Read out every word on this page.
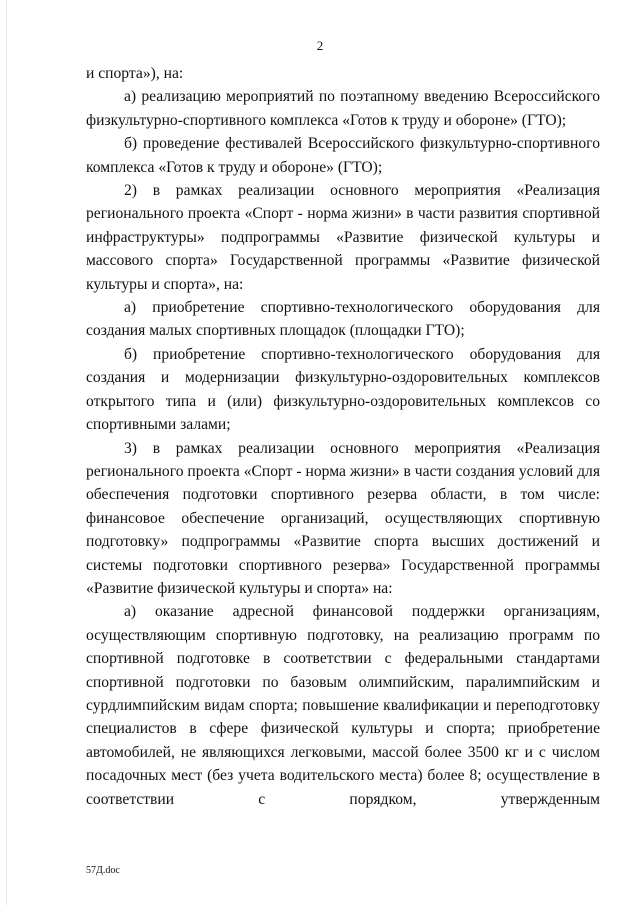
2

и спорта»), на:

а) реализацию мероприятий по поэтапному введению Всероссийского физкультурно-спортивного комплекса «Готов к труду и обороне» (ГТО);

б) проведение фестивалей Всероссийского физкультурно-спортивного комплекса «Готов к труду и обороне» (ГТО);

2) в рамках реализации основного мероприятия «Реализация регионального проекта «Спорт - норма жизни» в части развития спортивной инфраструктуры» подпрограммы «Развитие физической культуры и массового спорта» Государственной программы «Развитие физической культуры и спорта», на:

а) приобретение спортивно-технологического оборудования для создания малых спортивных площадок (площадки ГТО);

б) приобретение спортивно-технологического оборудования для создания и модернизации физкультурно-оздоровительных комплексов открытого типа и (или) физкультурно-оздоровительных комплексов со спортивными залами;

3) в рамках реализации основного мероприятия «Реализация регионального проекта «Спорт - норма жизни» в части создания условий для обеспечения подготовки спортивного резерва области, в том числе: финансовое обеспечение организаций, осуществляющих спортивную подготовку» подпрограммы «Развитие спорта высших достижений и системы подготовки спортивного резерва» Государственной программы «Развитие физической культуры и спорта» на:

а) оказание адресной финансовой поддержки организациям, осуществляющим спортивную подготовку, на реализацию программ по спортивной подготовке в соответствии с федеральными стандартами спортивной подготовки по базовым олимпийским, паралимпийским и сурдлимпийским видам спорта; повышение квалификации и переподготовку специалистов в сфере физической культуры и спорта; приобретение автомобилей, не являющихся легковыми, массой более 3500 кг и с числом посадочных мест (без учета водительского места) более 8; осуществление в соответствии с порядком, утвержденным

57Д.doc
